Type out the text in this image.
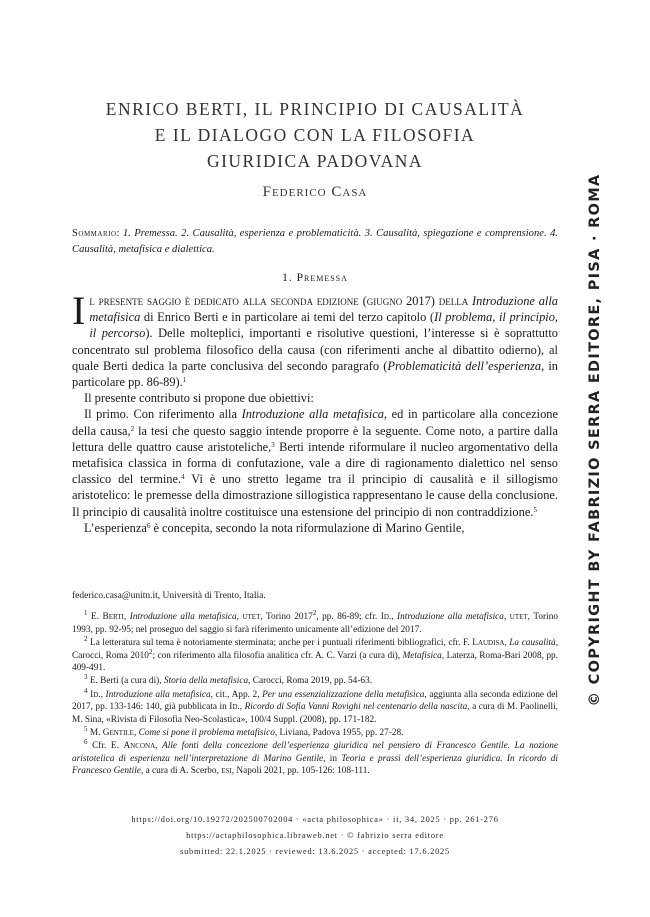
ENRICO BERTI, IL PRINCIPIO DI CAUSALITÀ
E IL DIALOGO CON LA FILOSOFIA
GIURIDICA PADOVANA
Federico Casa
Sommario: 1. Premessa. 2. Causalità, esperienza e problematicità. 3. Causalità, spiegazione e comprensione. 4. Causalità, metafisica e dialettica.
1. Premessa

Il presente saggio è dedicato alla seconda edizione (giugno 2017) della Introduzione alla metafisica di Enrico Berti e in particolare ai temi del terzo capitolo (Il problema, il principio, il percorso). Delle molteplici, importanti e risolutive questioni, l’interesse si è soprattutto concentrato sul problema filosofico della causa (con riferimenti anche al dibattito odierno), al quale Berti dedica la parte conclusiva del secondo paragrafo (Problematicità dell’esperienza, in particolare pp. 86-89).$^1$

Il presente contributo si propone due obiettivi:

Il primo. Con riferimento alla Introduzione alla metafisica, ed in particolare alla concezione della causa,$^2$ la tesi che questo saggio intende proporre è la seguente. Come noto, a partire dalla lettura delle quattro cause aristoteliche,$^3$ Berti intende riformulare il nucleo argomentativo della metafisica classica in forma di confutazione, vale a dire di ragionamento dialettico nel senso classico del termine.$^4$ Vi è uno stretto legame tra il principio di causalità e il sillogismo aristotelico: le premesse della dimostrazione sillogistica rappresentano le cause della conclusione. Il principio di causalità inoltre costituisce una estensione del principio di non contraddizione.$^5$

L’esperienza$^6$ è concepita, secondo la nota riformulazione di Marino Gentile,

federico.casa@unitn.it, Università di Trento, Italia.

$^1$ E. Berti, Introduzione alla metafisica, utet, Torino 2017$^2$, pp. 86-89; cfr. Id., Introduzione alla metafisica, utet, Torino 1993, pp. 92-95; nel proseguo del saggio si farà riferimento unicamente all’edizione del 2017.

$^2$ La letteratura sul tema è notoriamente sterminata; anche per i puntuali riferimenti bibliografici, cfr. F. Laudisa, La causalità, Carocci, Roma 2010$^2$; con riferimento alla filosofia analitica cfr. A. C. Varzi (a cura di), Metafisica, Laterza, Roma-Bari 2008, pp. 409-491.

$^3$ E. Berti (a cura di), Storia della metafisica, Carocci, Roma 2019, pp. 54-63.

$^4$ Id., Introduzione alla metafisica, cit., App. 2, Per una essenzializzazione della metafisica, aggiunta alla seconda edizione del 2017, pp. 133-146: 140, già pubblicata in Id., Ricordo di Sofia Vanni Rovighi nel centenario della nascita, a cura di M. Paolinelli, M. Sina, «Rivista di Filosofia Neo-Scolastica», 100/4 Suppl. (2008), pp. 171-182.

$^5$ M. Gentile, Come si pone il problema metafisico, Liviana, Padova 1955, pp. 27-28.

$^6$ Cfr. E. Ancona, Alle fonti della concezione dell’esperienza giuridica nel pensiero di Francesco Gentile. La nozione aristotelica di esperienza nell’interpretazione di Marino Gentile, in Teoria e prassi dell’esperienza giuridica. In ricordo di Francesco Gentile, a cura di A. Scerbo, esi, Napoli 2021, pp. 105-126: 108-111.

https://doi.org/10.19272/202500702004 · «acta philosophica» · ii, 34, 2025 · pp. 261-276
https://actaphilosophica.libraweb.net · © fabrizio serra editore
submitted: 22.1.2025 · reviewed: 13.6.2025 · accepted: 17.6.2025
© COPYRIGHT BY FABRIZIO SERRA EDITORE, PISA · ROMA
